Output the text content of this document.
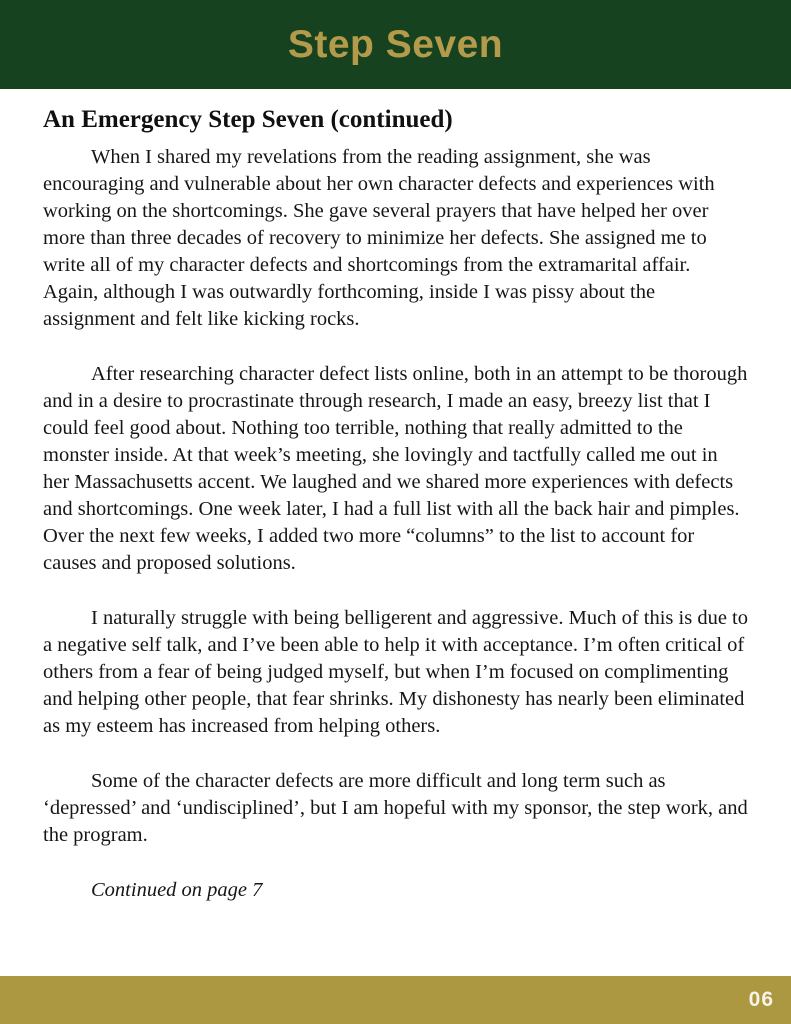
Step Seven
An Emergency Step Seven (continued)

When I shared my revelations from the reading assignment, she was encouraging and vulnerable about her own character defects and experiences with working on the shortcomings. She gave several prayers that have helped her over more than three decades of recovery to minimize her defects. She assigned me to write all of my character defects and shortcomings from the extramarital affair. Again, although I was outwardly forthcoming, inside I was pissy about the assignment and felt like kicking rocks.

After researching character defect lists online, both in an attempt to be thorough and in a desire to procrastinate through research, I made an easy, breezy list that I could feel good about. Nothing too terrible, nothing that really admitted to the monster inside. At that week’s meeting, she lovingly and tactfully called me out in her Massachusetts accent. We laughed and we shared more experiences with defects and shortcomings. One week later, I had a full list with all the back hair and pimples. Over the next few weeks, I added two more “columns” to the list to account for causes and proposed solutions.

I naturally struggle with being belligerent and aggressive. Much of this is due to a negative self talk, and I’ve been able to help it with acceptance. I’m often critical of others from a fear of being judged myself, but when I’m focused on complimenting and helping other people, that fear shrinks. My dishonesty has nearly been eliminated as my esteem has increased from helping others.

Some of the character defects are more difficult and long term such as ‘depressed’ and ‘undisciplined’, but I am hopeful with my sponsor, the step work, and the program.

Continued on page 7

06
